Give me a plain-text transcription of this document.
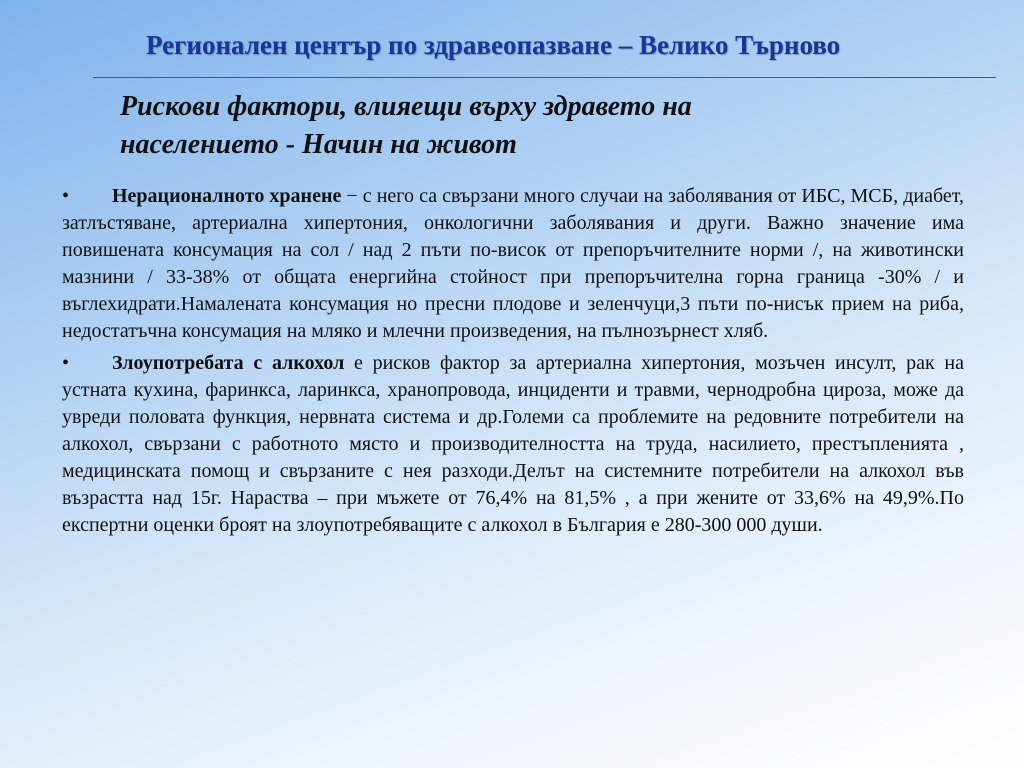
Регионален център по здравеопазване – Велико Търново
Рискови фактори, влияещи върху здравето на населението - Начин на живот

• Нерационалното хранене − с него са свързани много случаи на заболявания от ИБС, МСБ, диабет, затлъстяване, артериална хипертония, онкологични заболявания и други. Важно значение има повишената консумация на сол / над 2 пъти по-висок от препоръчителните норми /, на животински мазнини / 33-38% от общата енергийна стойност при препоръчителна горна граница -30% / и въглехидрати.Намалената консумация но пресни плодове и зеленчуци,3 пъти по-нисък прием на риба, недостатъчна консумация на мляко и млечни произведения, на пълнозърнест хляб.

• Злоупотребата с алкохол е рисков фактор за артериална хипертония, мозъчен инсулт, рак на устната кухина, фаринкса, ларинкса, хранопровода, инциденти и травми, чернодробна цироза, може да увреди половата функция, нервната система и др.Големи са проблемите на редовните потребители на алкохол, свързани с работното място и производителността на труда, насилието, престъпленията , медицинската помощ и свързаните с нея разходи.Делът на системните потребители на алкохол във възрастта над 15г. Нараства – при мъжете от 76,4% на 81,5% , а при жените от 33,6% на 49,9%.По експертни оценки броят на злоупотребяващите с алкохол в България е 280-300 000 души.
